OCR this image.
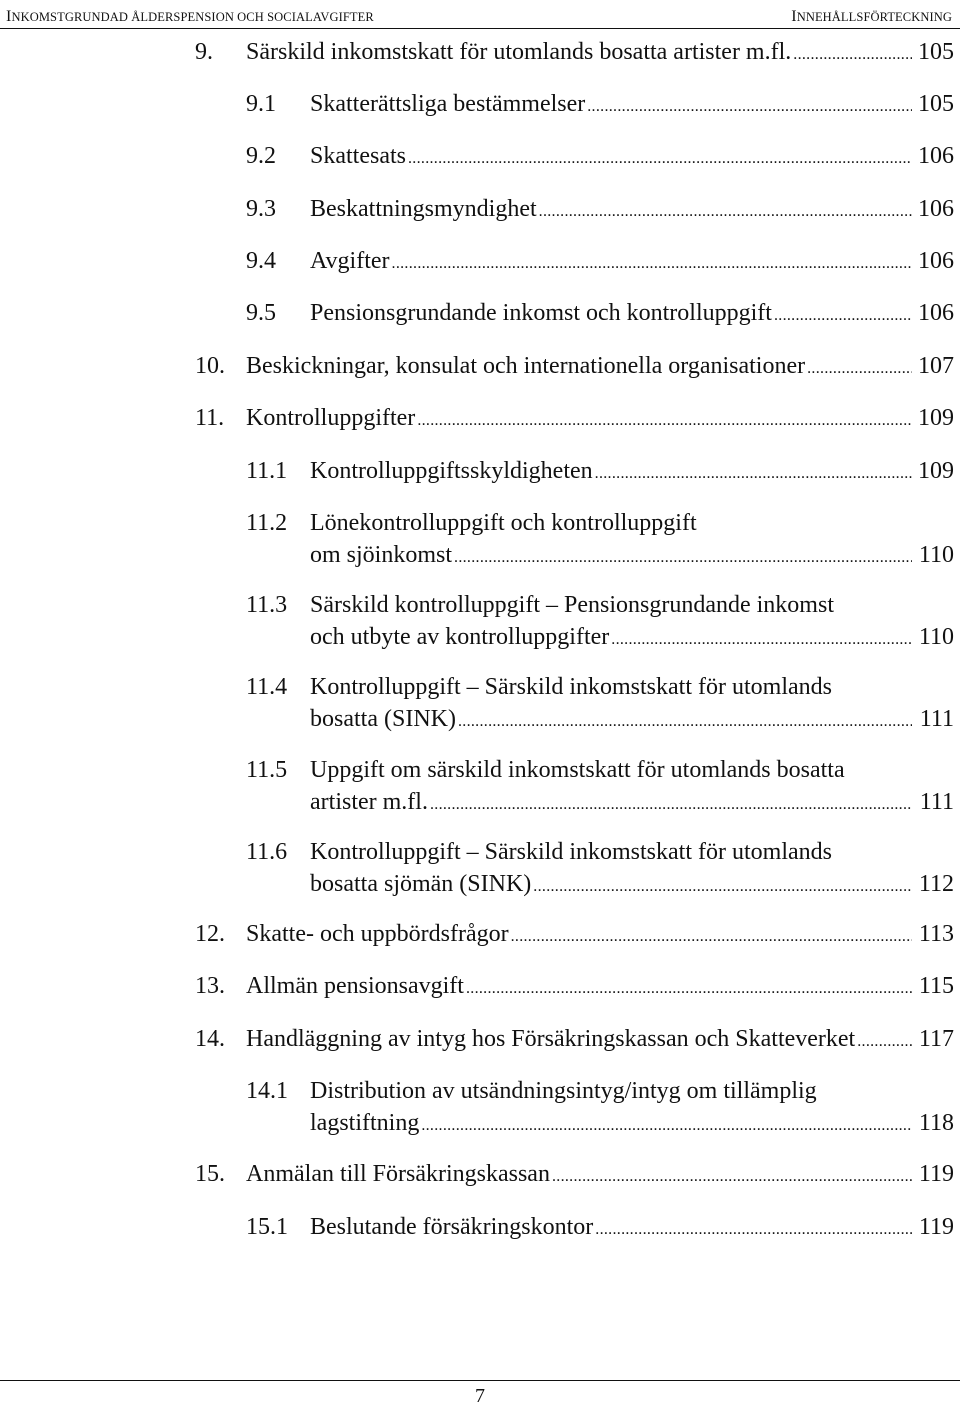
INKOMSTGRUNDAD ÅLDERSPENSION OCH SOCIALAVGIFTER	INNEHÅLLSFÖRTECKNING
9. Särskild inkomstskatt för utomlands bosatta artister m.fl. .....	105
9.1 Skatterättsliga bestämmelser .....	105
9.2 Skattesats .....	106
9.3 Beskattningsmyndighet .....	106
9.4 Avgifter .....	106
9.5 Pensionsgrundande inkomst och kontrolluppgift .....	106
10. Beskickningar, konsulat och internationella organisationer .....	107
11. Kontrolluppgifter .....	109
11.1 Kontrolluppgiftsskyldigheten .....	109
11.2 Lönekontrolluppgift och kontrolluppgift
om sjöinkomst .....	110
11.3 Särskild kontrolluppgift – Pensionsgrundande inkomst
och utbyte av kontrolluppgifter .....	110
11.4 Kontrolluppgift – Särskild inkomstskatt för utomlands
bosatta (SINK) .....	111
11.5 Uppgift om särskild inkomstskatt för utomlands bosatta
artister m.fl. .....	111
11.6 Kontrolluppgift – Särskild inkomstskatt för utomlands
bosatta sjömän (SINK) .....	112
12. Skatte- och uppbördsfrågor .....	113
13. Allmän pensionsavgift .....	115
14. Handläggning av intyg hos Försäkringskassan och Skatteverket .....	117
14.1 Distribution av utsändningsintyg/intyg om tillämplig
lagstiftning .....	118
15. Anmälan till Försäkringskassan .....	119
15.1 Beslutande försäkringskontor .....	119
7
